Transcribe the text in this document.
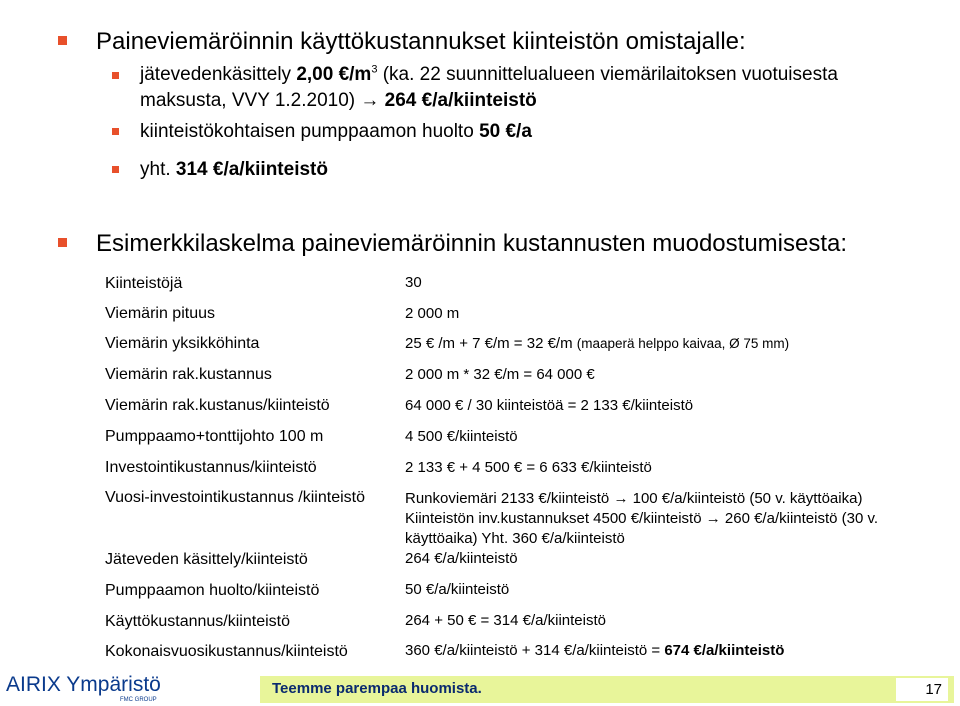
Paineviemäröinnin käyttökustannukset kiinteistön omistajalle:
jätevedenkäsittely 2,00 $€/m^3$ (ka. 22 suunnittelualueen viemärilaitoksen vuotuisesta
maksusta, VVY 1.2.2010) → 264 €/a/kiinteistö
kiinteistökohtaisen pumppaamon huolto 50 €/a
yht. 314 €/a/kiinteistö
Esimerkkilaskelma paineviemäröinnin kustannusten muodostumisesta:
Kiinteistöjä	30
Viemärin pituus	2 000 m
Viemärin yksikköhinta	25 € /m + 7 €/m = 32 €/m (maaperä helppo kaivaa, Ø 75 mm)
Viemärin rak.kustannus	2 000 m * 32 €/m = 64 000 €
Viemärin rak.kustanus/kiinteistö	64 000 € / 30 kiinteistöä = 2 133 €/kiinteistö
Pumppaamo+tonttijohto 100 m	4 500 €/kiinteistö
Investointikustannus/kiinteistö	2 133 € + 4 500 € = 6 633 €/kiinteistö
Vuosi-investointikustannus /kiinteistö	Runkoviemäri 2133 €/kiinteistö → 100 €/a/kiinteistö (50 v. käyttöaika)
Kiinteistön inv.kustannukset 4500 €/kiinteistö → 260 €/a/kiinteistö (30 v.
käyttöaika) Yht. 360 €/a/kiinteistö
Jäteveden käsittely/kiinteistö	264 €/a/kiinteistö
Pumppaamon huolto/kiinteistö	50 €/a/kiinteistö
Käyttökustannus/kiinteistö	264 + 50 € = 314 €/a/kiinteistö
Kokonaisvuosikustannus/kiinteistö	360 €/a/kiinteistö + 314 €/a/kiinteistö = 674 €/a/kiinteistö
AIRIX Ympäristö
FMC GROUP
Teemme parempaa huomista.	17
